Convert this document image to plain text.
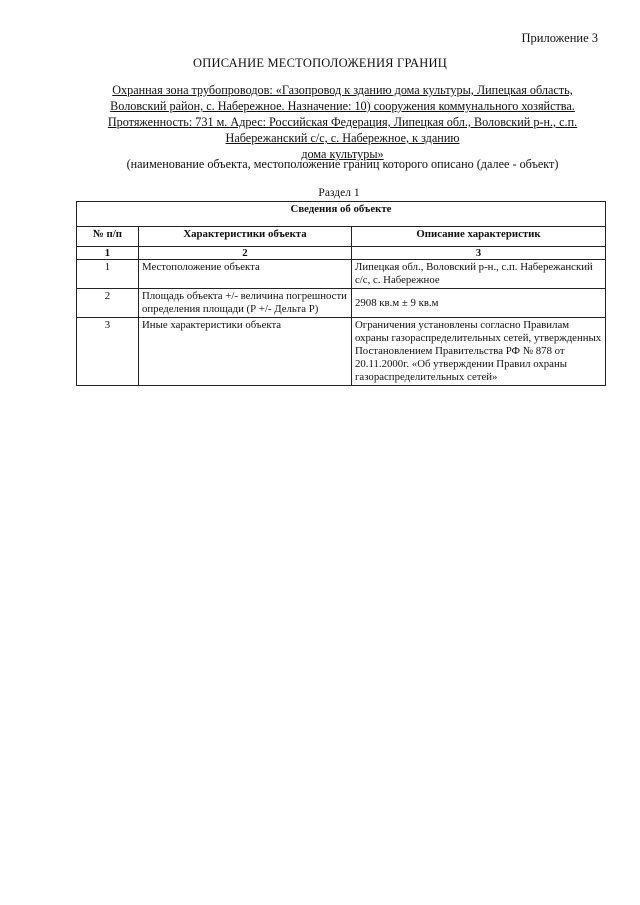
Приложение 3
ОПИСАНИЕ МЕСТОПОЛОЖЕНИЯ ГРАНИЦ
Охранная зона трубопроводов: «Газопровод к зданию дома культуры, Липецкая область,
Воловский район, с. Набережное. Назначение: 10) сооружения коммунального хозяйства.
Протяженность: 731 м. Адрес: Российская Федерация, Липецкая обл., Воловский р-н., с.п.
Набережанский с/с, с. Набережное, к зданию
дома культуры»
(наименование объекта, местоположение границ которого описано (далее - объект)
Раздел 1
Сведения об объекте		
№ п/п	Характеристики объекта	Описание характеристик
1	2	3
1	Местоположение объекта	Липецкая обл., Воловский р-н., с.п. Набережанский с/с, с. Набережное
2	Площадь объекта +/- величина погрешности определения площади (Р +/- Дельта Р)	2908 кв.м ± 9 кв.м
3	Иные характеристики объекта	Ограничения установлены согласно Правилам охраны газораспределительных сетей, утвержденных Постановлением Правительства РФ № 878 от 20.11.2000г. «Об утверждении Правил охраны газораспределительных сетей»
